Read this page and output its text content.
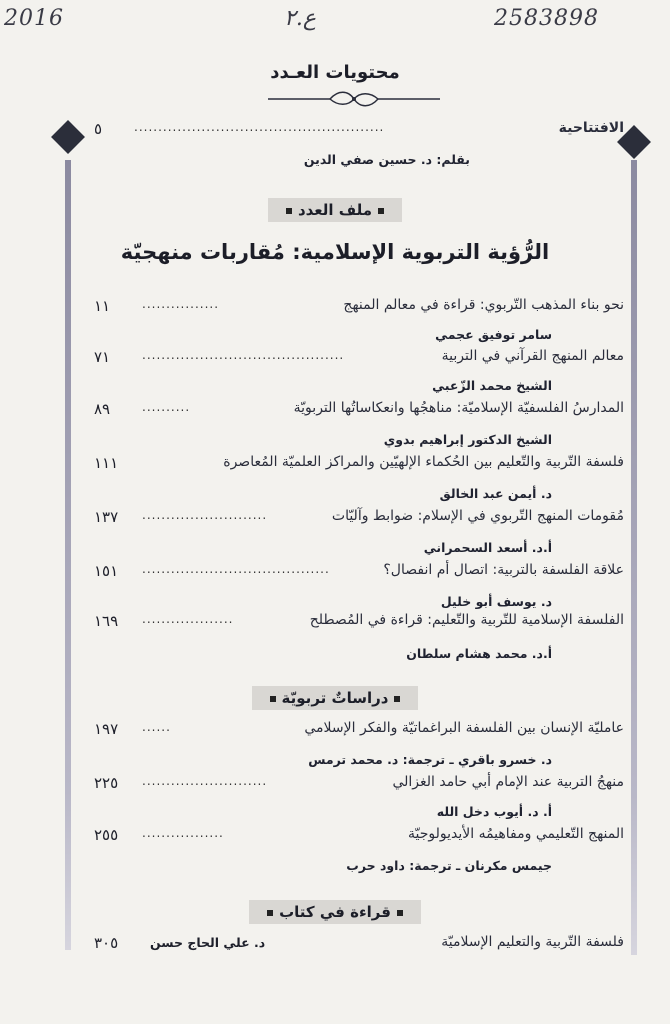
2016	ع.٢	2583898
محتويات العـدد
الافتتاحية
....................................................
٥
بقلم: د. حسين صفي الدين
ملف العدد
الرُّؤية التربوية الإسلامية: مُقاربات منهجيّة
نحو بناء المذهب التّربوي: قراءة في معالم المنهج
................
١١
سامر توفيق عجمي
معالم المنهج القرآني في التربية
..........................................
٧١
الشيخ محمد الزّعبي
المدارسُ الفلسفيّة الإسلاميّة: مناهجُها وانعكاساتُها التربويّة
..........
٨٩
الشيخ الدكتور إبراهيم بدوي
فلسفة التّربية والتّعليم بين الحُكماء الإلهيّين والمراكز العلميّة المُعاصرة
١١١
د. أيمن عبد الخالق
مُقومات المنهج التّربوي في الإسلام: ضوابط وآليّات
..........................
١٣٧
أ.د. أسعد السحمراني
علاقة الفلسفة بالتربية: اتصال أم انفصال؟
.......................................
١٥١
د. يوسف أبو خليل
الفلسفة الإسلامية للتّربية والتّعليم: قراءة في المُصطلح
...................
١٦٩
أ.د. محمد هشام سلطان
دراساتٌ تربويّة
عامليّة الإنسان بين الفلسفة البراغماتيّة والفكر الإسلامي
......
١٩٧
د. خسرو باقري ـ ترجمة: د. محمد ترمس
منهجُ التربية عند الإمام أبي حامد الغزالي
..........................
٢٢٥
أ. د. أيوب دخل الله
المنهج التّعليمي ومفاهيمُه الأيديولوجيّة
.................
٢٥٥
جيمس مكرنان ـ ترجمة: داود حرب
قراءة في كتاب
فلسفة التّربية والتعليم الإسلاميّة
د. علي الحاج حسن
٣٠٥
